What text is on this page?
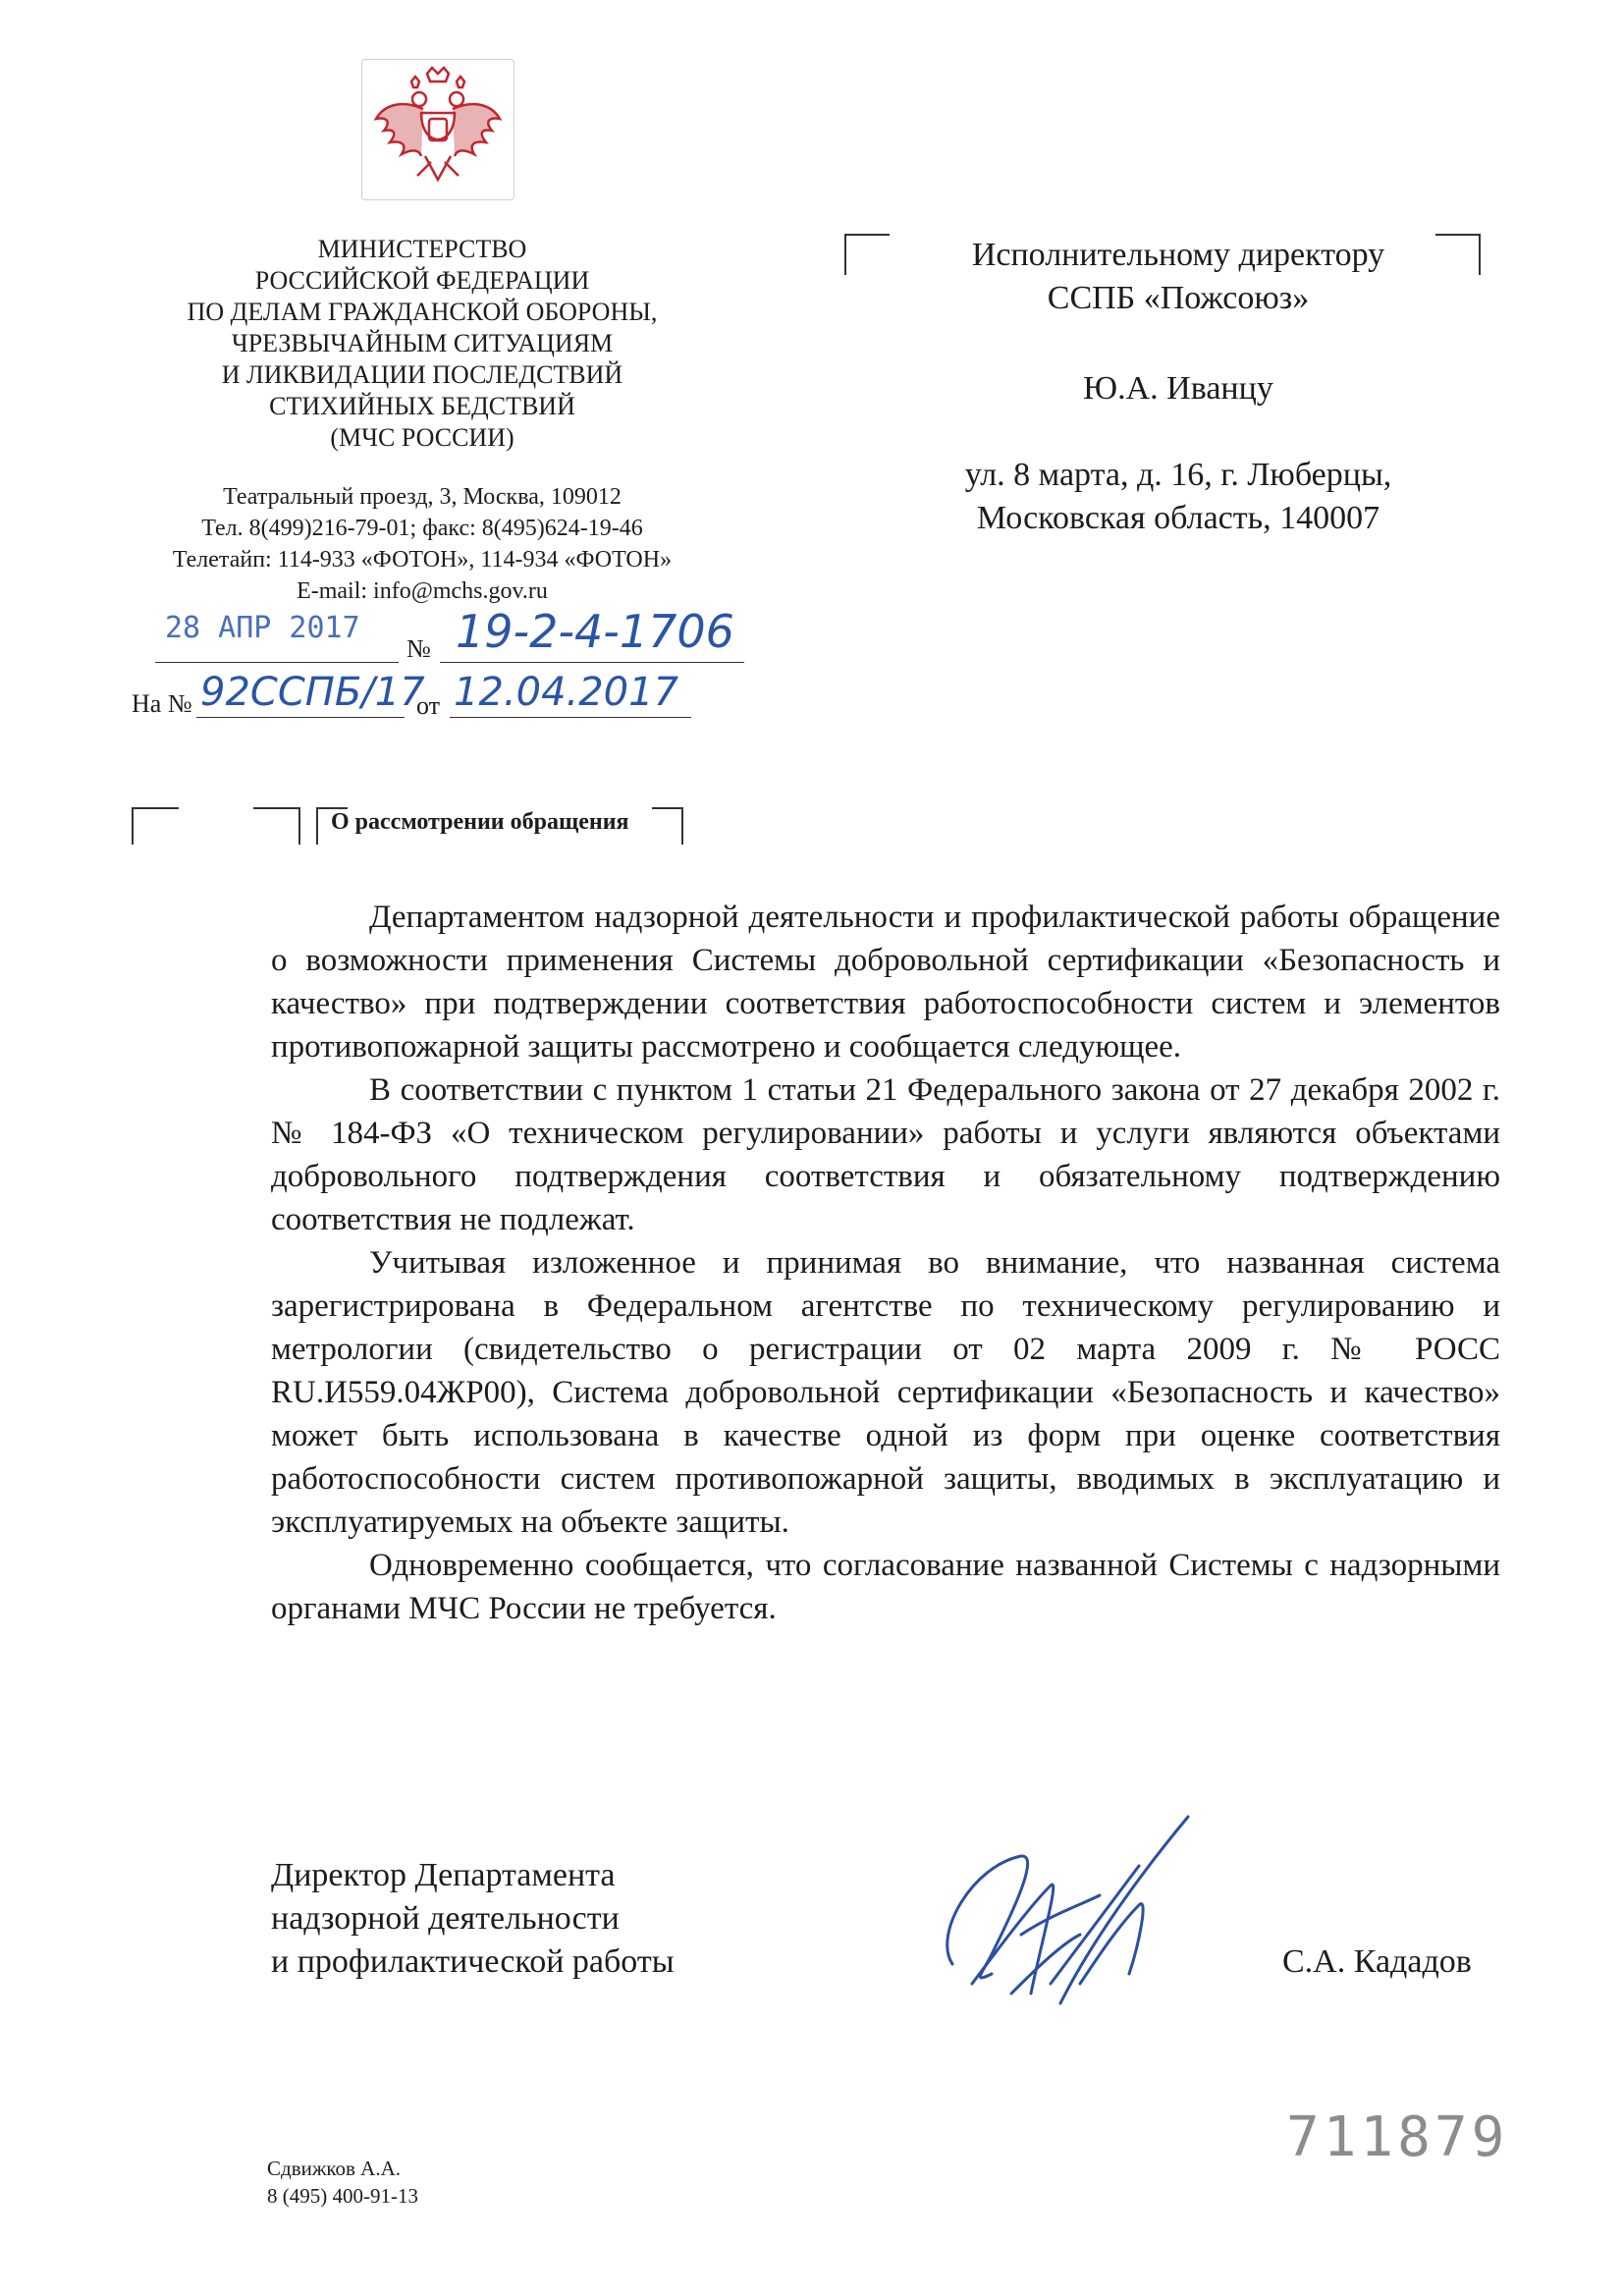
МИНИСТЕРСТВО
РОССИЙСКОЙ ФЕДЕРАЦИИ
ПО ДЕЛАМ ГРАЖДАНСКОЙ ОБОРОНЫ,
ЧРЕЗВЫЧАЙНЫМ СИТУАЦИЯМ
И ЛИКВИДАЦИИ ПОСЛЕДСТВИЙ
СТИХИЙНЫХ БЕДСТВИЙ
(МЧС РОССИИ)
Театральный проезд, 3, Москва, 109012
Тел. 8(499)216-79-01; факс: 8(495)624-19-46
Телетайп: 114-933 «ФОТОН», 114-934 «ФОТОН»
E-mail: info@mchs.gov.ru
28 АПР 2017
№ 19-2-4-1706
На № 92ССПБ/17
от 12.04.2017
Исполнительному директору
ССПБ «Пожсоюз»
Ю.А. Иванцу
ул. 8 марта, д. 16, г. Люберцы,
Московская область, 140007
О рассмотрении обращения

Департаментом надзорной деятельности и профилактической работы обращение о возможности применения Системы добровольной сертификации «Безопасность и качество» при подтверждении соответствия работоспособности систем и элементов противопожарной защиты рассмотрено и сообщается следующее.

В соответствии с пунктом 1 статьи 21 Федерального закона от 27 декабря 2002 г. № 184-ФЗ «О техническом регулировании» работы и услуги являются объектами добровольного подтверждения соответствия и обязательному подтверждению соответствия не подлежат.

Учитывая изложенное и принимая во внимание, что названная система зарегистрирована в Федеральном агентстве по техническому регулированию и метрологии (свидетельство о регистрации от 02 марта 2009 г. № РОСС RU.И559.04ЖР00), Система добровольной сертификации «Безопасность и качество» может быть использована в качестве одной из форм при оценке соответствия работоспособности систем противопожарной защиты, вводимых в эксплуатацию и эксплуатируемых на объекте защиты.

Одновременно сообщается, что согласование названной Системы с надзорными органами МЧС России не требуется.

Директор Департамента
надзорной деятельности
и профилактической работы	С.А. Кададов
711879
Сдвижков А.А.
8 (495) 400-91-13
